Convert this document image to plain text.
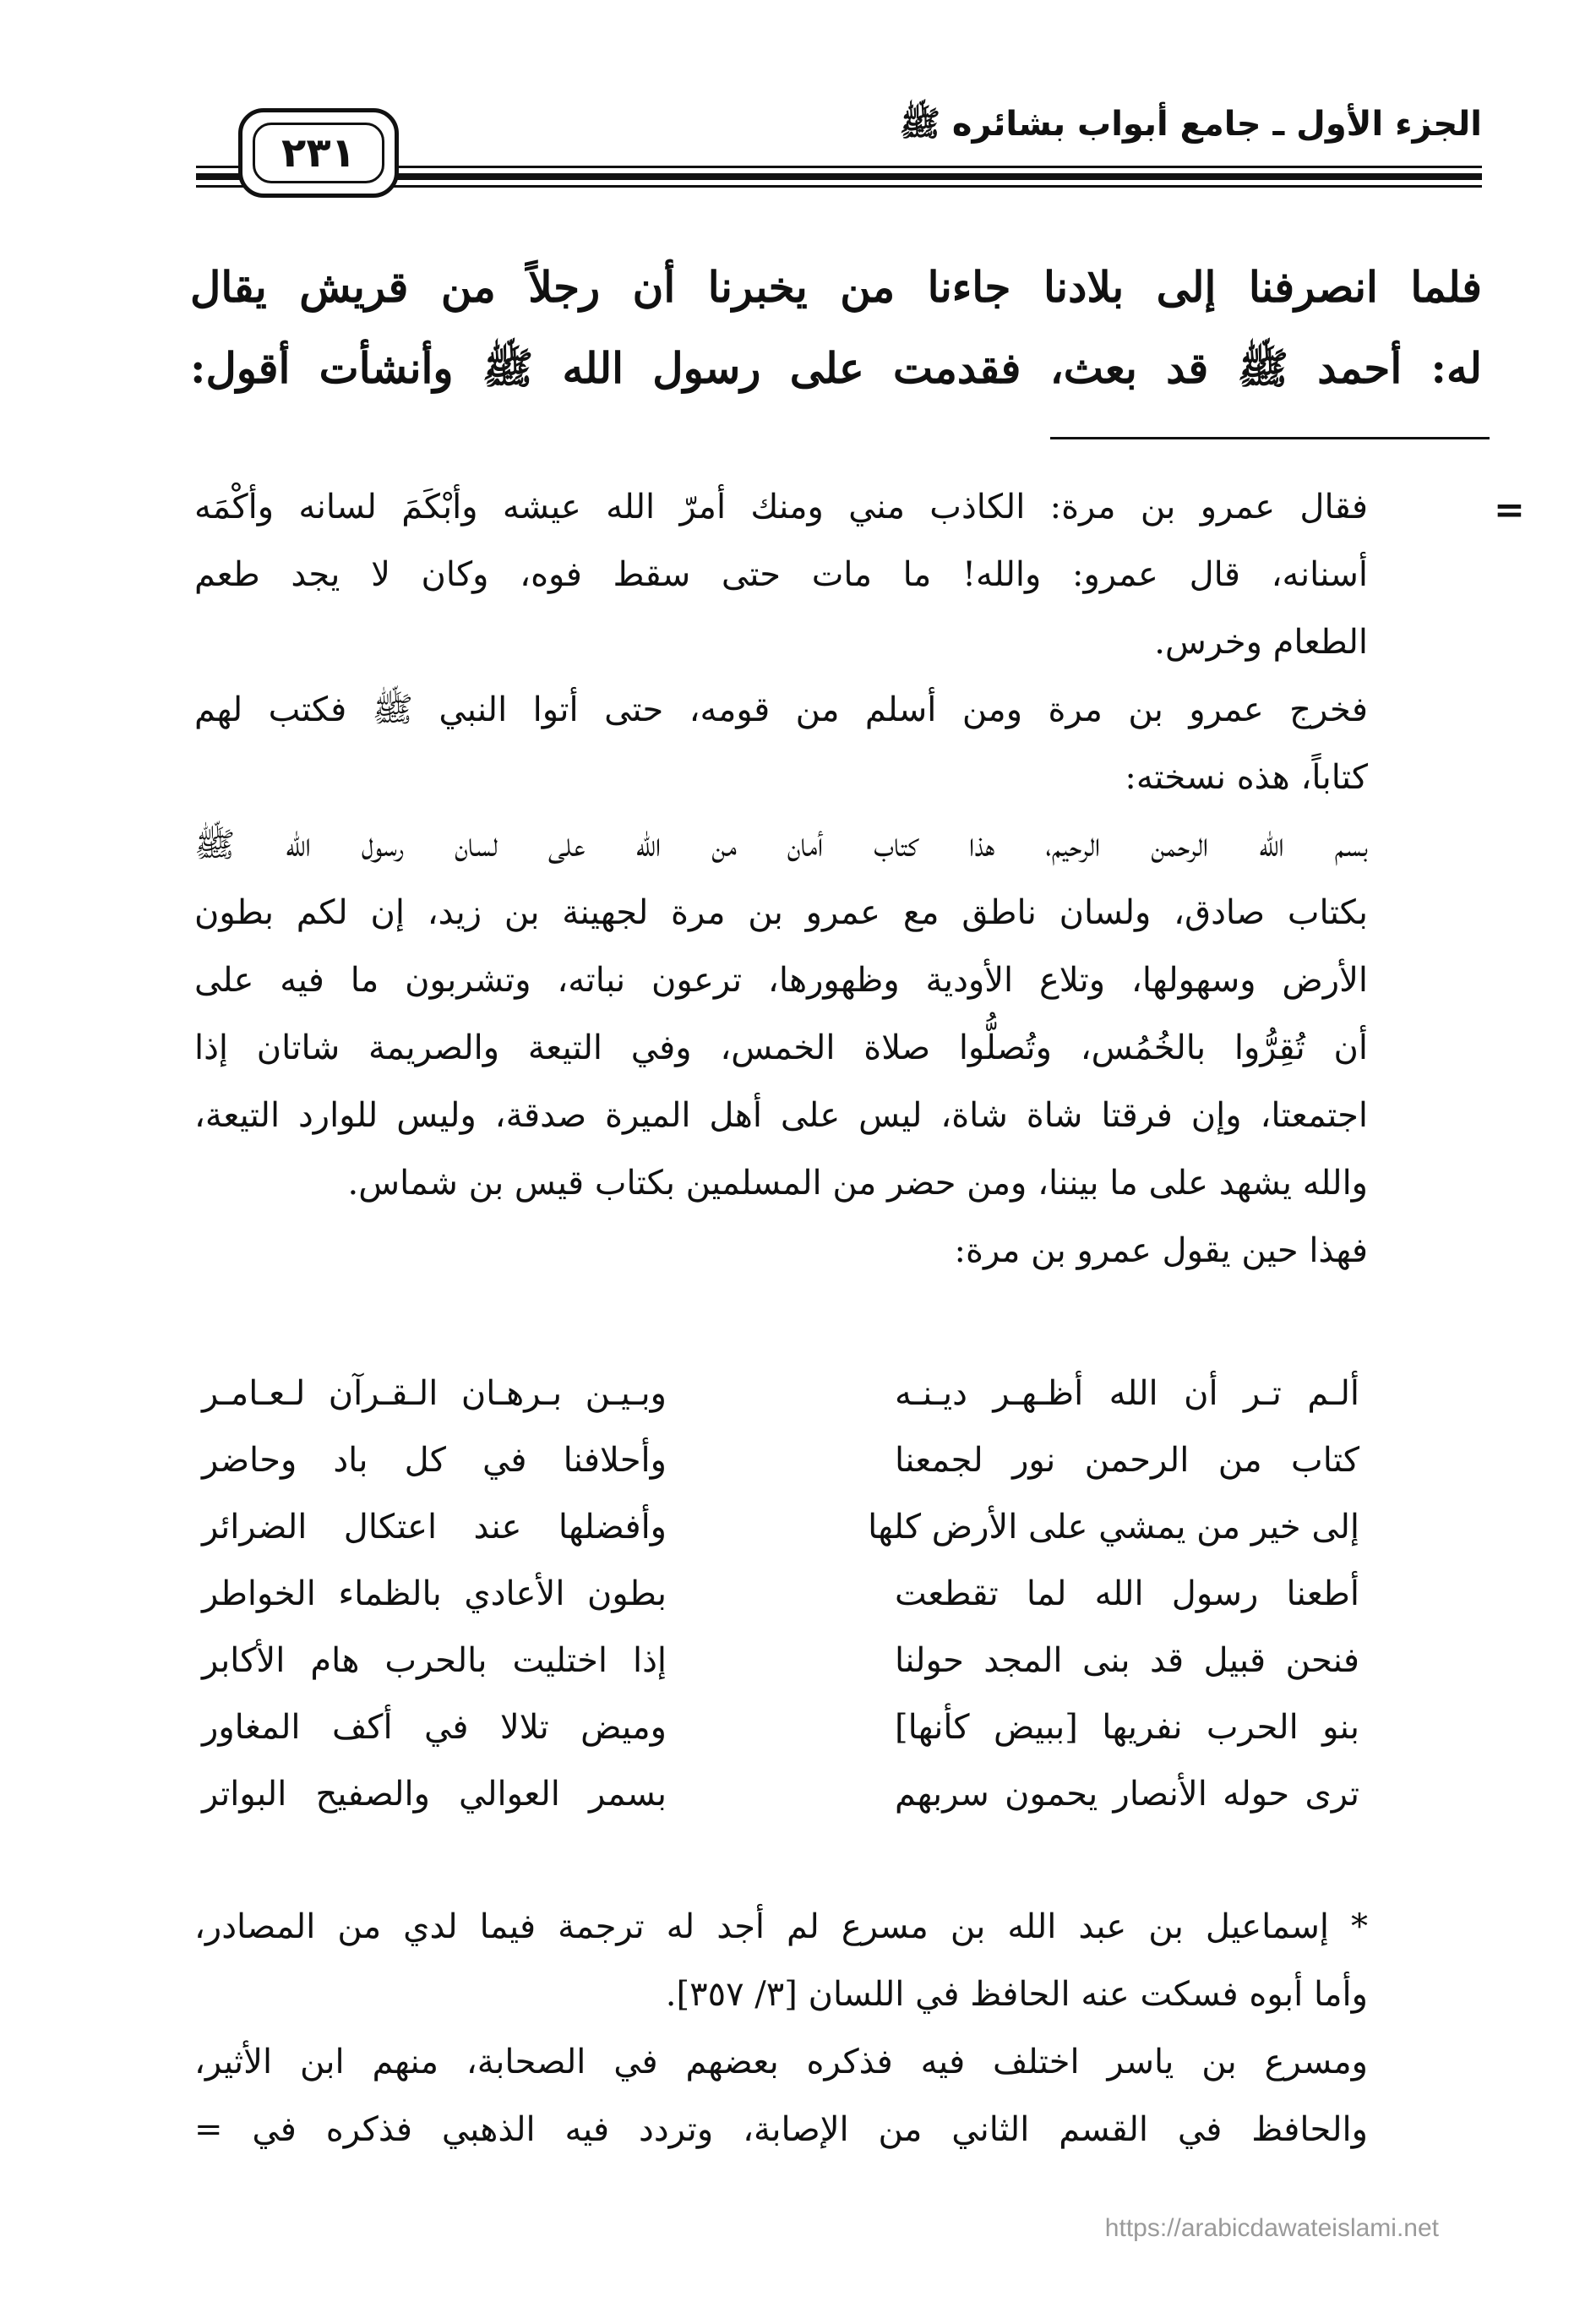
الجزء الأول ـ جامع أبواب بشائره ﷺ
٢٣١
فلما انصرفنا إلى بلادنا جاءنا من يخبرنا أن رجلاً من قريش يقال
له: أحمد ﷺ قد بعث، فقدمت على رسول الله ﷺ وأنشأت أقول:
=
فقال عمرو بن مرة: الكاذب مني ومنك أمرّ الله عيشه وأبْكَمَ لسانه وأكْمَه
أسنانه، قال عمرو: والله! ما مات حتى سقط فوه، وكان لا يجد طعم
الطعام وخرس.
فخرج عمرو بن مرة ومن أسلم من قومه، حتى أتوا النبي ﷺ فكتب لهم
كتاباً، هذه نسخته:
بسم الله الرحمن الرحيم، هذا كتاب أمان من الله على لسان رسول الله ﷺ
بكتاب صادق، ولسان ناطق مع عمرو بن مرة لجهينة بن زيد، إن لكم بطون
الأرض وسهولها، وتلاع الأودية وظهورها، ترعون نباته، وتشربون ما فيه على
أن تُقِرُّوا بالخُمُس، وتُصلُّوا صلاة الخمس، وفي التيعة والصريمة شاتان إذا
اجتمعتا، وإن فرقتا شاة شاة، ليس على أهل الميرة صدقة، وليس للوارد التيعة،
والله يشهد على ما بيننا، ومن حضر من المسلمين بكتاب قيس بن شماس.
فهذا حين يقول عمرو بن مرة:
ألـم تـر أن الله أظـهـر ديـنـه
وبـيـن بـرهـان الـقـرآن لـعـامـر
كتاب من الرحمن نور لجمعنا
وأحلافنا في كل باد وحاضر
إلى خير من يمشي على الأرض كلها
وأفضلها عند اعتكال الضرائر
أطعنا رسول الله لما تقطعت
بطون الأعادي بالظماء الخواطر
فنحن قبيل قد بنى المجد حولنا
إذا اختليت بالحرب هام الأكابر
بنو الحرب نفريها [ببيض كأنها]
وميض تلالا في أكف المغاور
ترى حوله الأنصار يحمون سربهم
بسمر العوالي والصفيح البواتر
* إسماعيل بن عبد الله بن مسرع لم أجد له ترجمة فيما لدي من المصادر،
وأما أبوه فسكت عنه الحافظ في اللسان [٣/ ٣٥٧].
ومسرع بن ياسر اختلف فيه فذكره بعضهم في الصحابة، منهم ابن الأثير،
والحافظ في القسم الثاني من الإصابة، وتردد فيه الذهبي فذكره في =
https://arabicdawateislami.net
